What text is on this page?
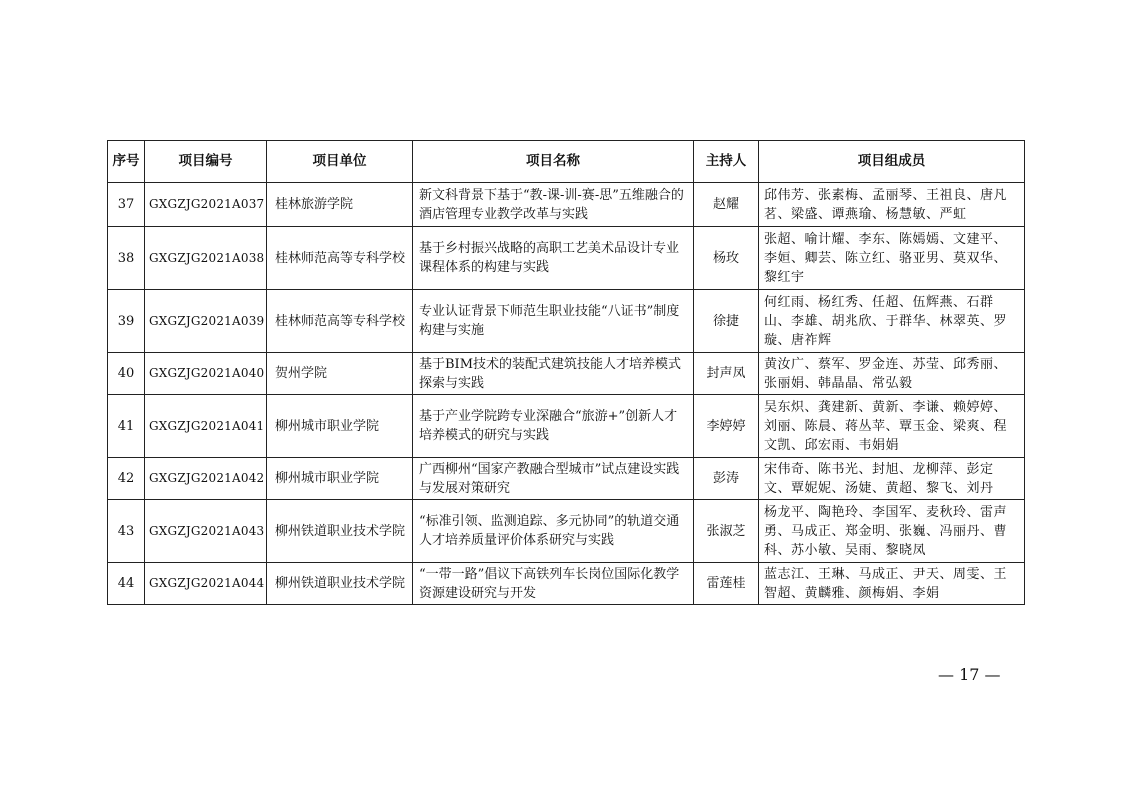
序号	项目编号	项目单位	项目名称	主持人	项目组成员
37	GXGZJG2021A037	桂林旅游学院	新文科背景下基于“教-课-训-赛-思”五维融合的酒店管理专业教学改革与实践	赵耀	邱伟芳、张素梅、孟丽琴、王祖良、唐凡茗、梁盛、谭燕瑜、杨慧敏、严虹
38	GXGZJG2021A038	桂林师范高等专科学校	基于乡村振兴战略的高职工艺美术品设计专业课程体系的构建与实践	杨玫	张超、喻计耀、李东、陈嫣嫣、文建平、李姮、卿芸、陈立红、骆亚男、莫双华、黎红宇
39	GXGZJG2021A039	桂林师范高等专科学校	专业认证背景下师范生职业技能“八证书”制度构建与实施	徐捷	何红雨、杨红秀、任超、伍辉燕、石群山、李雄、胡兆欣、于群华、林翠英、罗璇、唐祚辉
40	GXGZJG2021A040	贺州学院	基于BIM技术的装配式建筑技能人才培养模式探索与实践	封声凤	黄汝广、蔡军、罗金连、苏莹、邱秀丽、张丽娟、韩晶晶、常弘毅
41	GXGZJG2021A041	柳州城市职业学院	基于产业学院跨专业深融合“旅游+”创新人才培养模式的研究与实践	李婷婷	吴东炽、龚建新、黄新、李谦、赖婷婷、刘丽、陈晨、蒋丛苹、覃玉金、梁爽、程文凯、邱宏雨、韦娟娟
42	GXGZJG2021A042	柳州城市职业学院	广西柳州“国家产教融合型城市”试点建设实践与发展对策研究	彭涛	宋伟奇、陈书光、封旭、龙柳萍、彭定文、覃妮妮、汤婕、黄超、黎飞、刘丹
43	GXGZJG2021A043	柳州铁道职业技术学院	“标准引领、监测追踪、多元协同”的轨道交通人才培养质量评价体系研究与实践	张淑芝	杨龙平、陶艳玲、李国军、麦秋玲、雷声勇、马成正、郑金明、张巍、冯丽丹、曹科、苏小敏、吴雨、黎晓凤
44	GXGZJG2021A044	柳州铁道职业技术学院	“一带一路”倡议下高铁列车长岗位国际化教学资源建设研究与开发	雷莲桂	蓝志江、王琳、马成正、尹天、周雯、王智超、黄麟雅、颜梅娟、李娟
— 17 —
